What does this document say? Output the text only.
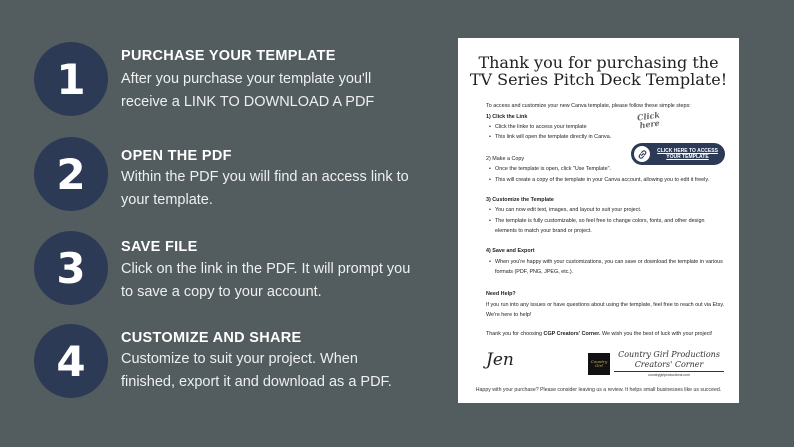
1	PURCHASE YOUR TEMPLATE
After you purchase your template you'll receive a LINK TO DOWNLOAD A PDF
2	OPEN THE PDF
Within the PDF you will find an access link to your template.
3	SAVE FILE
Click on the link in the PDF. It will prompt you to save a copy to your account.
4	CUSTOMIZE AND SHARE
Customize to suit your project. When finished, export it and download as a PDF.
Thank you for purchasing the
TV Series Pitch Deck Template!
To access and customize your new Canva template, please follow these simple steps:
1) Click the Link
• Click the linke to access your template
• This link will open the template directly in Canva.
Click here
CLICK HERE TO ACCESS
YOUR TEMPLATE
2) Make a Copy
• Once the template is open, click "Use Template".
• This will create a copy of the template in your Canva account, allowing you to edit it freely.
3) Customize the Template
• You can now edit text, images, and layout to suit your project.
• The template is fully customizable, so feel free to change colors, fonts, and other design elements to match your brand or project.
4) Save and Export
• When you're happy with your customizations, you can save or download the template in various formats (PDF, PNG, JPEG, etc.).
Need Help?
If you run into any issues or have questions about using the template, feel free to reach out via Etsy. We're here to help!
Thank you for choosing CGP Creators' Corner. We wish you the best of luck with your project!
Jen	Country Girl
Country Girl Productions
Creators' Corner
countrygirlproductions.com
Happy with your purchase? Please consider leaving us a review. It helps small businesses like us succeed.
